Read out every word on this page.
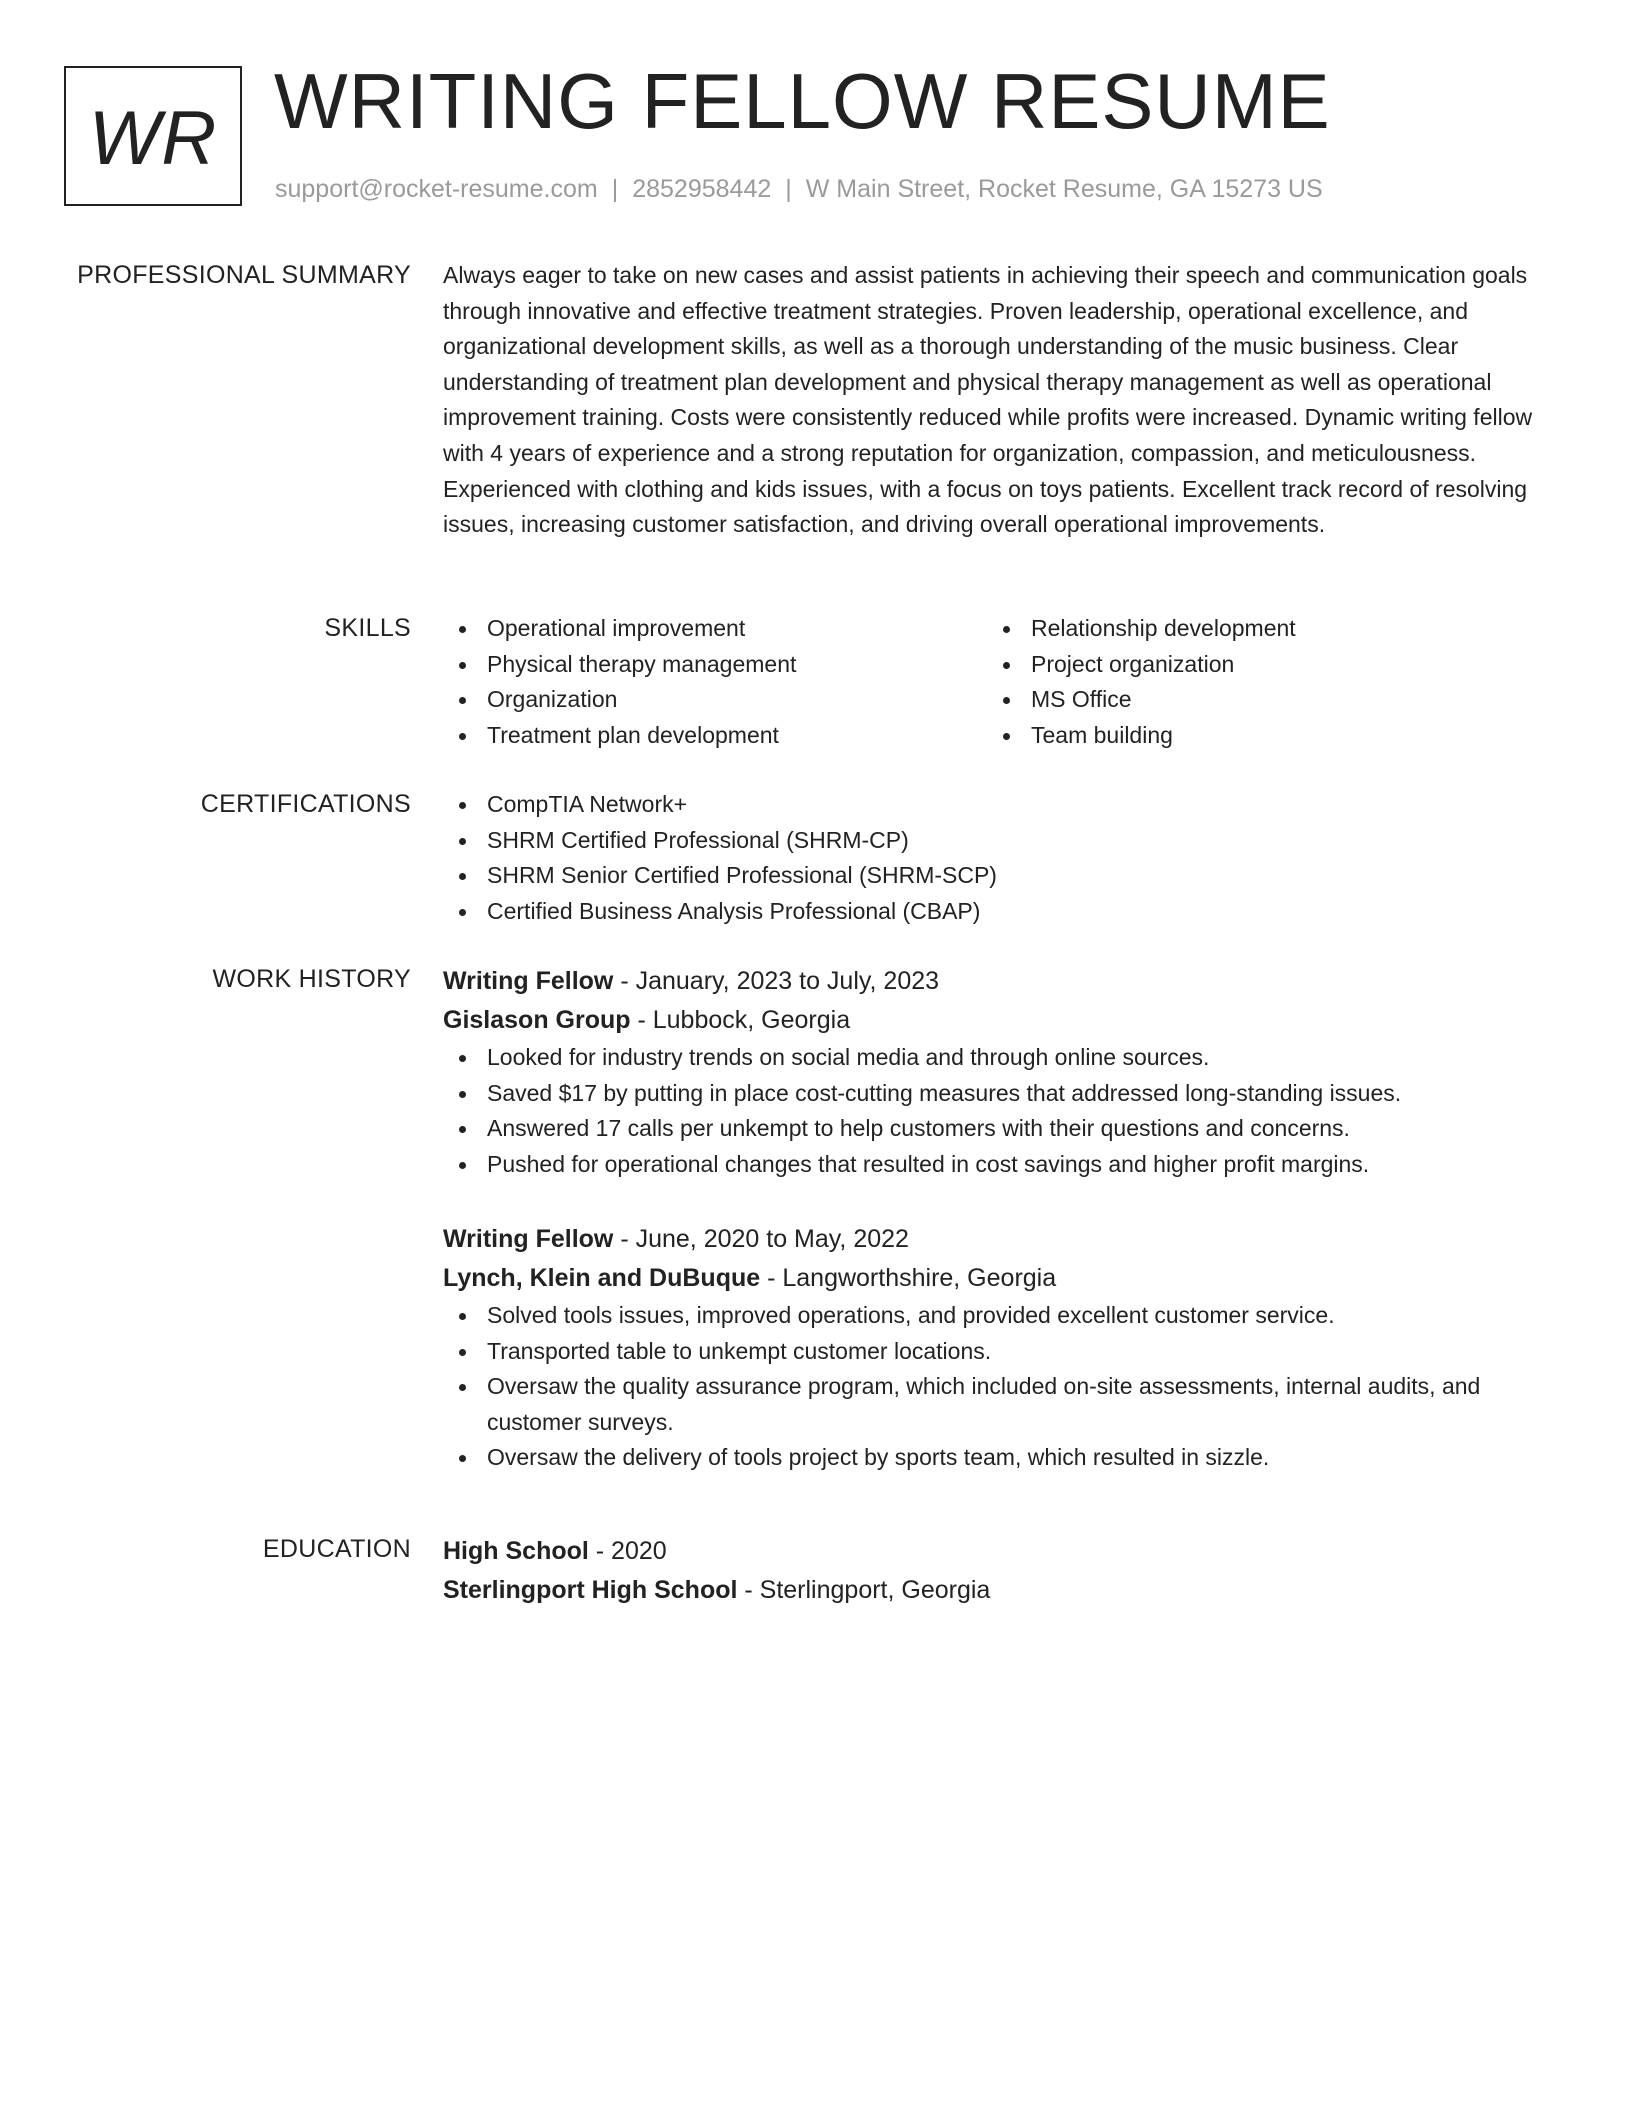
WR WRITING FELLOW RESUME
support@rocket-resume.com | 2852958442 | W Main Street, Rocket Resume, GA 15273 US
PROFESSIONAL SUMMARY Always eager to take on new cases and assist patients in achieving their speech and communication goals through innovative and effective treatment strategies. Proven leadership, operational excellence, and organizational development skills, as well as a thorough understanding of the music business. Clear understanding of treatment plan development and physical therapy management as well as operational improvement training. Costs were consistently reduced while profits were increased. Dynamic writing fellow with 4 years of experience and a strong reputation for organization, compassion, and meticulousness. Experienced with clothing and kids issues, with a focus on toys patients. Excellent track record of resolving issues, increasing customer satisfaction, and driving overall operational improvements.

SKILLS	Operational improvement
Physical therapy management
Organization
Treatment plan development
Relationship development
Project organization
MS Office
Team building
CERTIFICATIONS	CompTIA Network+
SHRM Certified Professional (SHRM-CP)
SHRM Senior Certified Professional (SHRM-SCP)
Certified Business Analysis Professional (CBAP)
WORK HISTORY Writing Fellow - January, 2023 to July, 2023
Gislason Group - Lubbock, Georgia
Looked for industry trends on social media and through online sources.
Saved $17 by putting in place cost-cutting measures that addressed long-standing issues.
Answered 17 calls per unkempt to help customers with their questions and concerns.
Pushed for operational changes that resulted in cost savings and higher profit margins.
Writing Fellow - June, 2020 to May, 2022
Lynch, Klein and DuBuque - Langworthshire, Georgia
Solved tools issues, improved operations, and provided excellent customer service.
Transported table to unkempt customer locations.
Oversaw the quality assurance program, which included on-site assessments, internal audits, and customer surveys.
Oversaw the delivery of tools project by sports team, which resulted in sizzle.
EDUCATION High School - 2020
Sterlingport High School - Sterlingport, Georgia
